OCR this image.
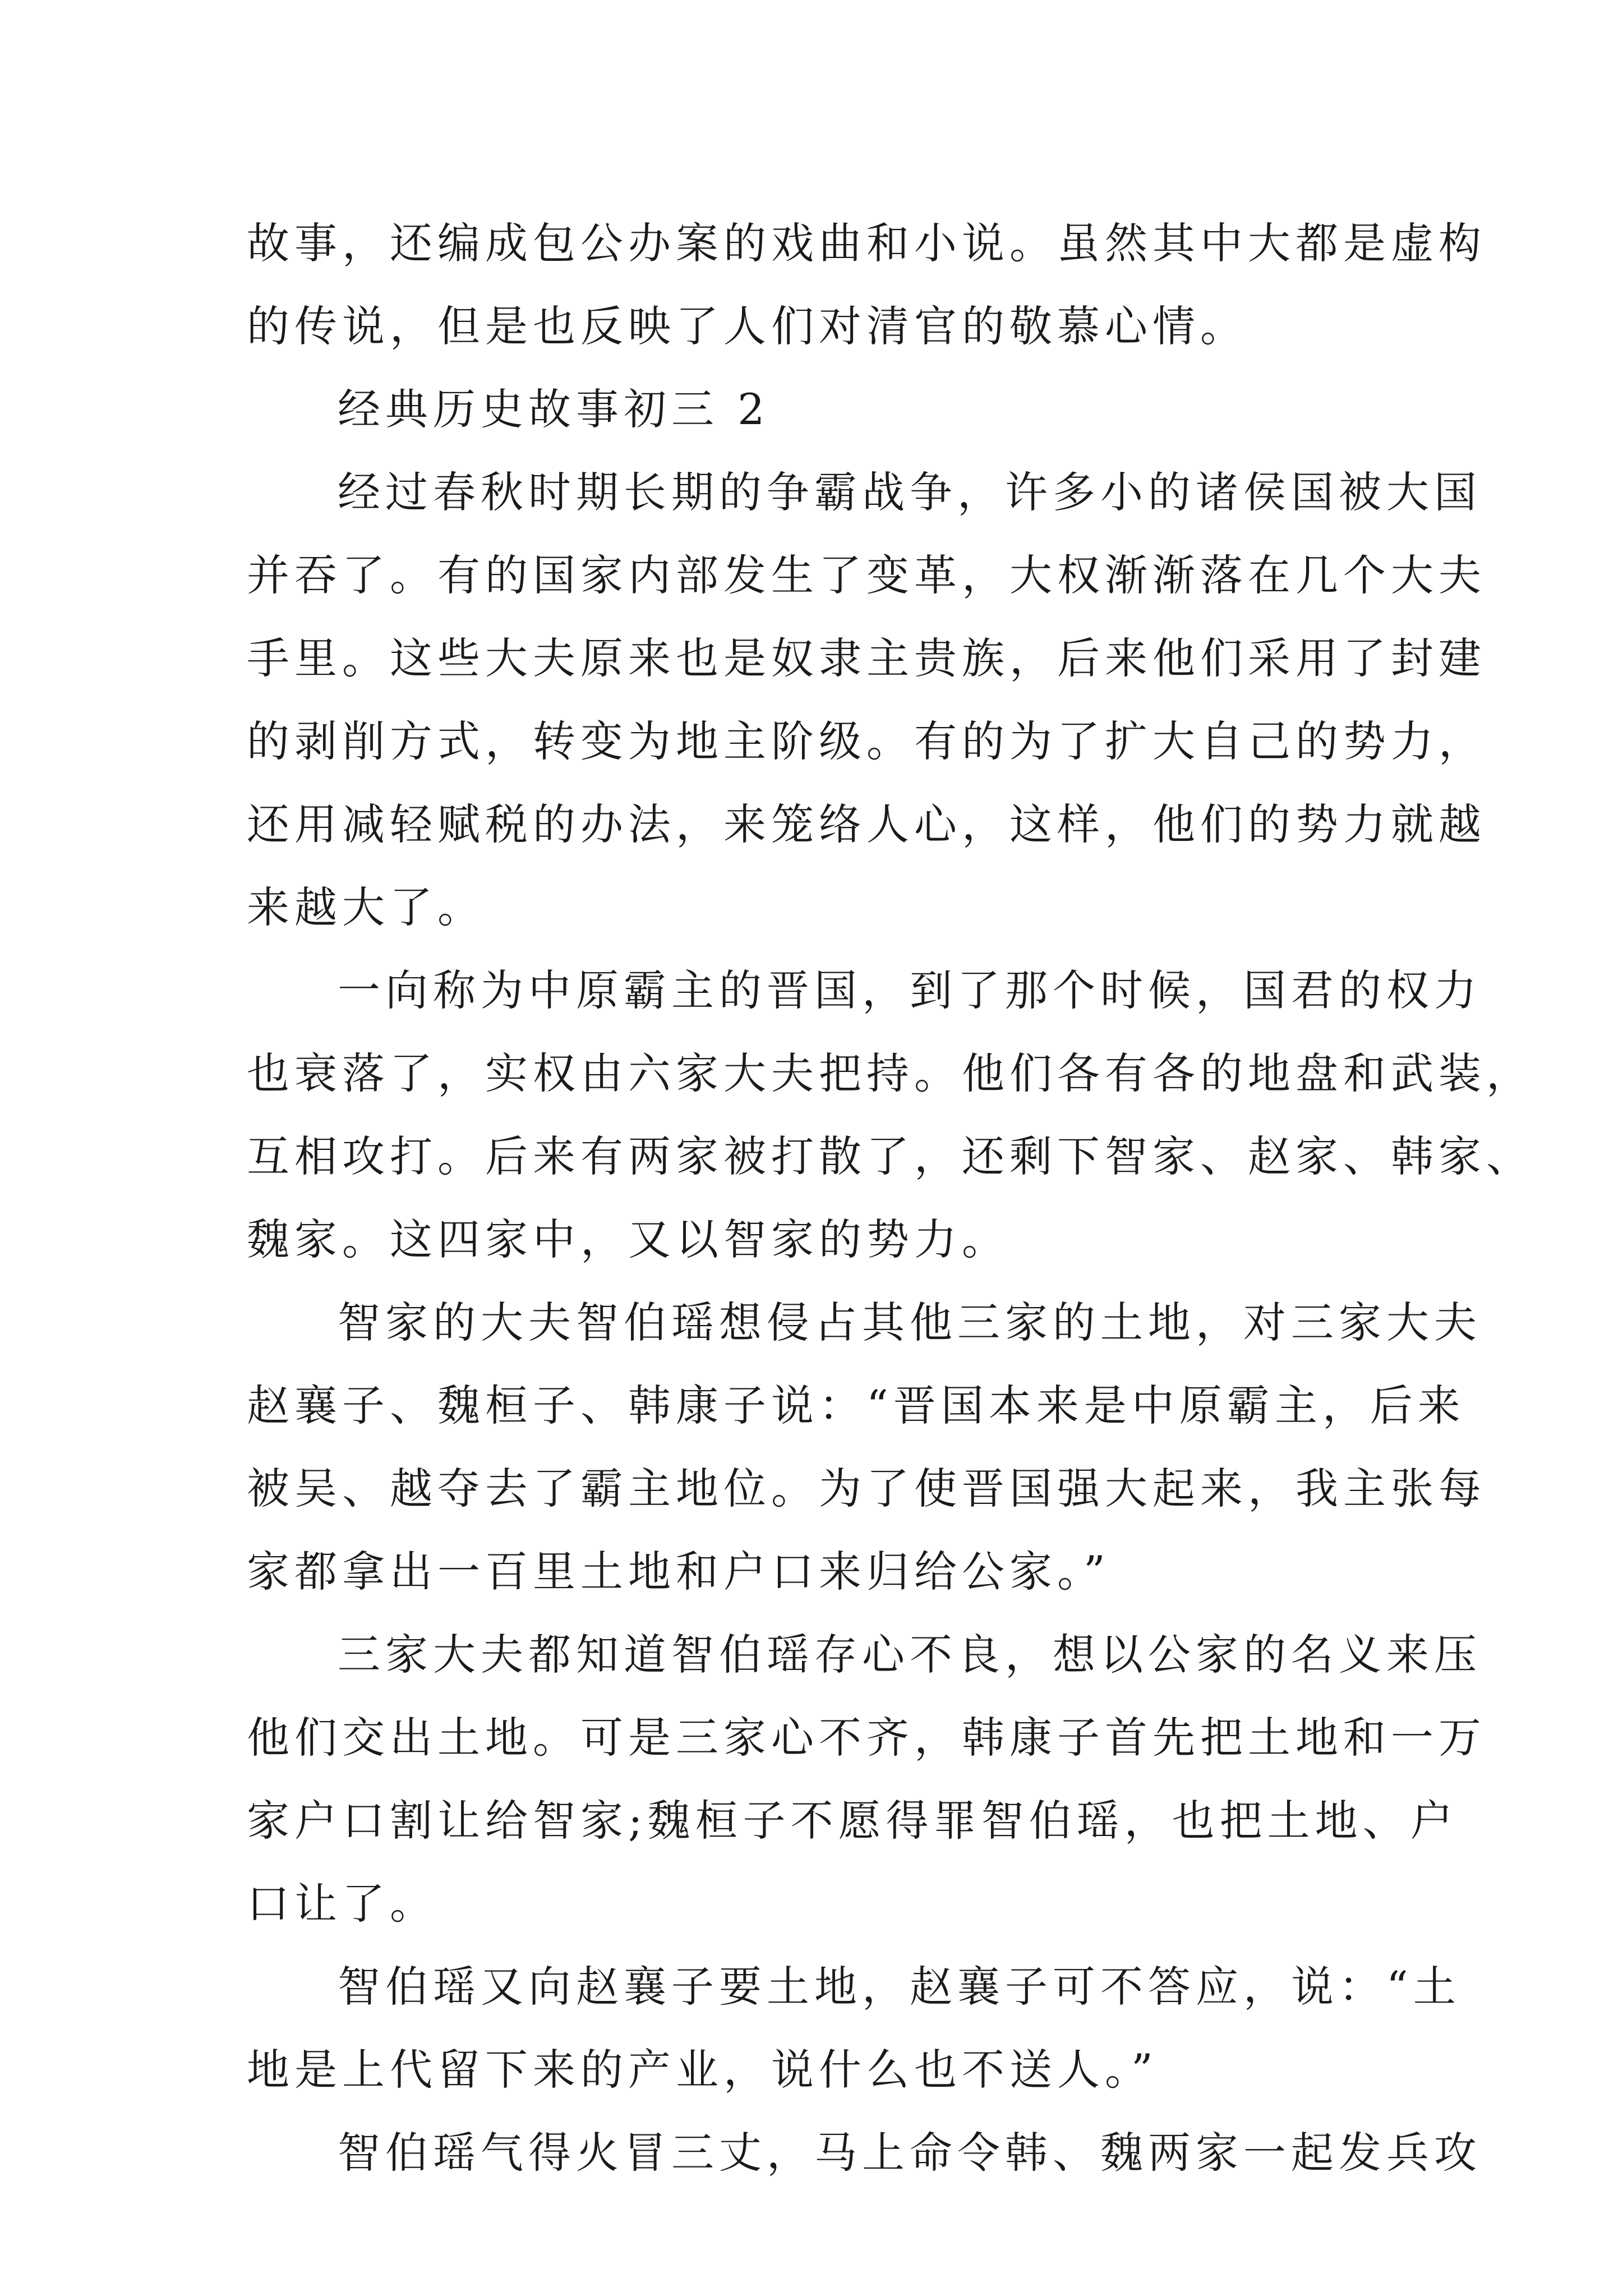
故事，还编成包公办案的戏曲和小说。虽然其中大都是虚构
的传说，但是也反映了人们对清官的敬慕心情。
经典历史故事初三 2
经过春秋时期长期的争霸战争，许多小的诸侯国被大国
并吞了。有的国家内部发生了变革，大权渐渐落在几个大夫
手里。这些大夫原来也是奴隶主贵族，后来他们采用了封建
的剥削方式，转变为地主阶级。有的为了扩大自己的势力，
还用减轻赋税的办法，来笼络人心，这样，他们的势力就越
来越大了。
一向称为中原霸主的晋国，到了那个时候，国君的权力
也衰落了，实权由六家大夫把持。他们各有各的地盘和武装，
互相攻打。后来有两家被打散了，还剩下智家、赵家、韩家、
魏家。这四家中，又以智家的势力。
智家的大夫智伯瑶想侵占其他三家的土地，对三家大夫
赵襄子、魏桓子、韩康子说：“晋国本来是中原霸主，后来
被吴、越夺去了霸主地位。为了使晋国强大起来，我主张每
家都拿出一百里土地和户口来归给公家。”
三家大夫都知道智伯瑶存心不良，想以公家的名义来压
他们交出土地。可是三家心不齐，韩康子首先把土地和一万
家户口割让给智家;魏桓子不愿得罪智伯瑶，也把土地、户
口让了。
智伯瑶又向赵襄子要土地，赵襄子可不答应，说：“土
地是上代留下来的产业，说什么也不送人。”
智伯瑶气得火冒三丈，马上命令韩、魏两家一起发兵攻
